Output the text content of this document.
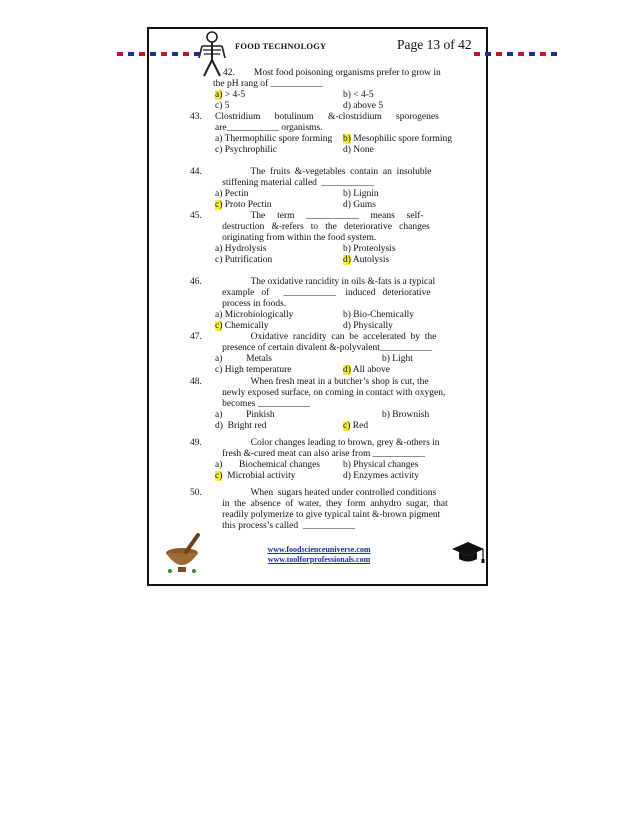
FOOD TECHNOLOGY	Page 13 of 42
42.        Most food poisoning organisms prefer to grow in
the pH rang of ___________
a) > 4-5	b) < 4-5
c) 5	d) above 5
43. Clostridium      botulinum      &-clostridium      sporogenes
are___________ organisms.
a) Thermophilic spore forming b) Mesophilic spore forming
c) Psychrophilic	d) None
44. The  fruits  &-vegetables  contain  an  insoluble
stiffening material called  ___________
a) Pectin	b) Lignin
c) Proto Pectin	d) Gums
45. The     term     ___________     means     self-
destruction   &-refers   to   the   deteriorative   changes
originating from within the food system.
a) Hydrolysis	b) Proteolysis
c) Putrification	d) Autolysis
46. The oxidative rancidity in oils &-fats is a typical
example   of      ___________    induced   deteriorative
process in foods.
a) Microbiologically	b) Bio-Chemically
c) Chemically	d) Physically
47. Oxidative  rancidity  can  be  accelerated  by  the
presence of certain divalent &-polyvalent___________
a)          Metals	b) Light
c) High temperature	d) All above
48. When fresh meat in a butcher’s shop is cut, the
newly exposed surface, on coming in contact with oxygen,
becomes ___________
a)          Pinkish	b) Brownish
d)  Bright red	c) Red
49. Color changes leading to brown, grey &-others in
fresh &-cured meat can also arise from ___________
a)       Biochemical changes b) Physical changes
c)  Microbial activity	d) Enzymes activity
50. When  sugars heated under controlled conditions
in  the  absence  of  water,  they  form  anhydro  sugar,  that
readily polymerize to give typical taint &-brown pigment
this process’s called  ___________
www.foodscienceuniverse.com
www.toolforprofessionals.com
